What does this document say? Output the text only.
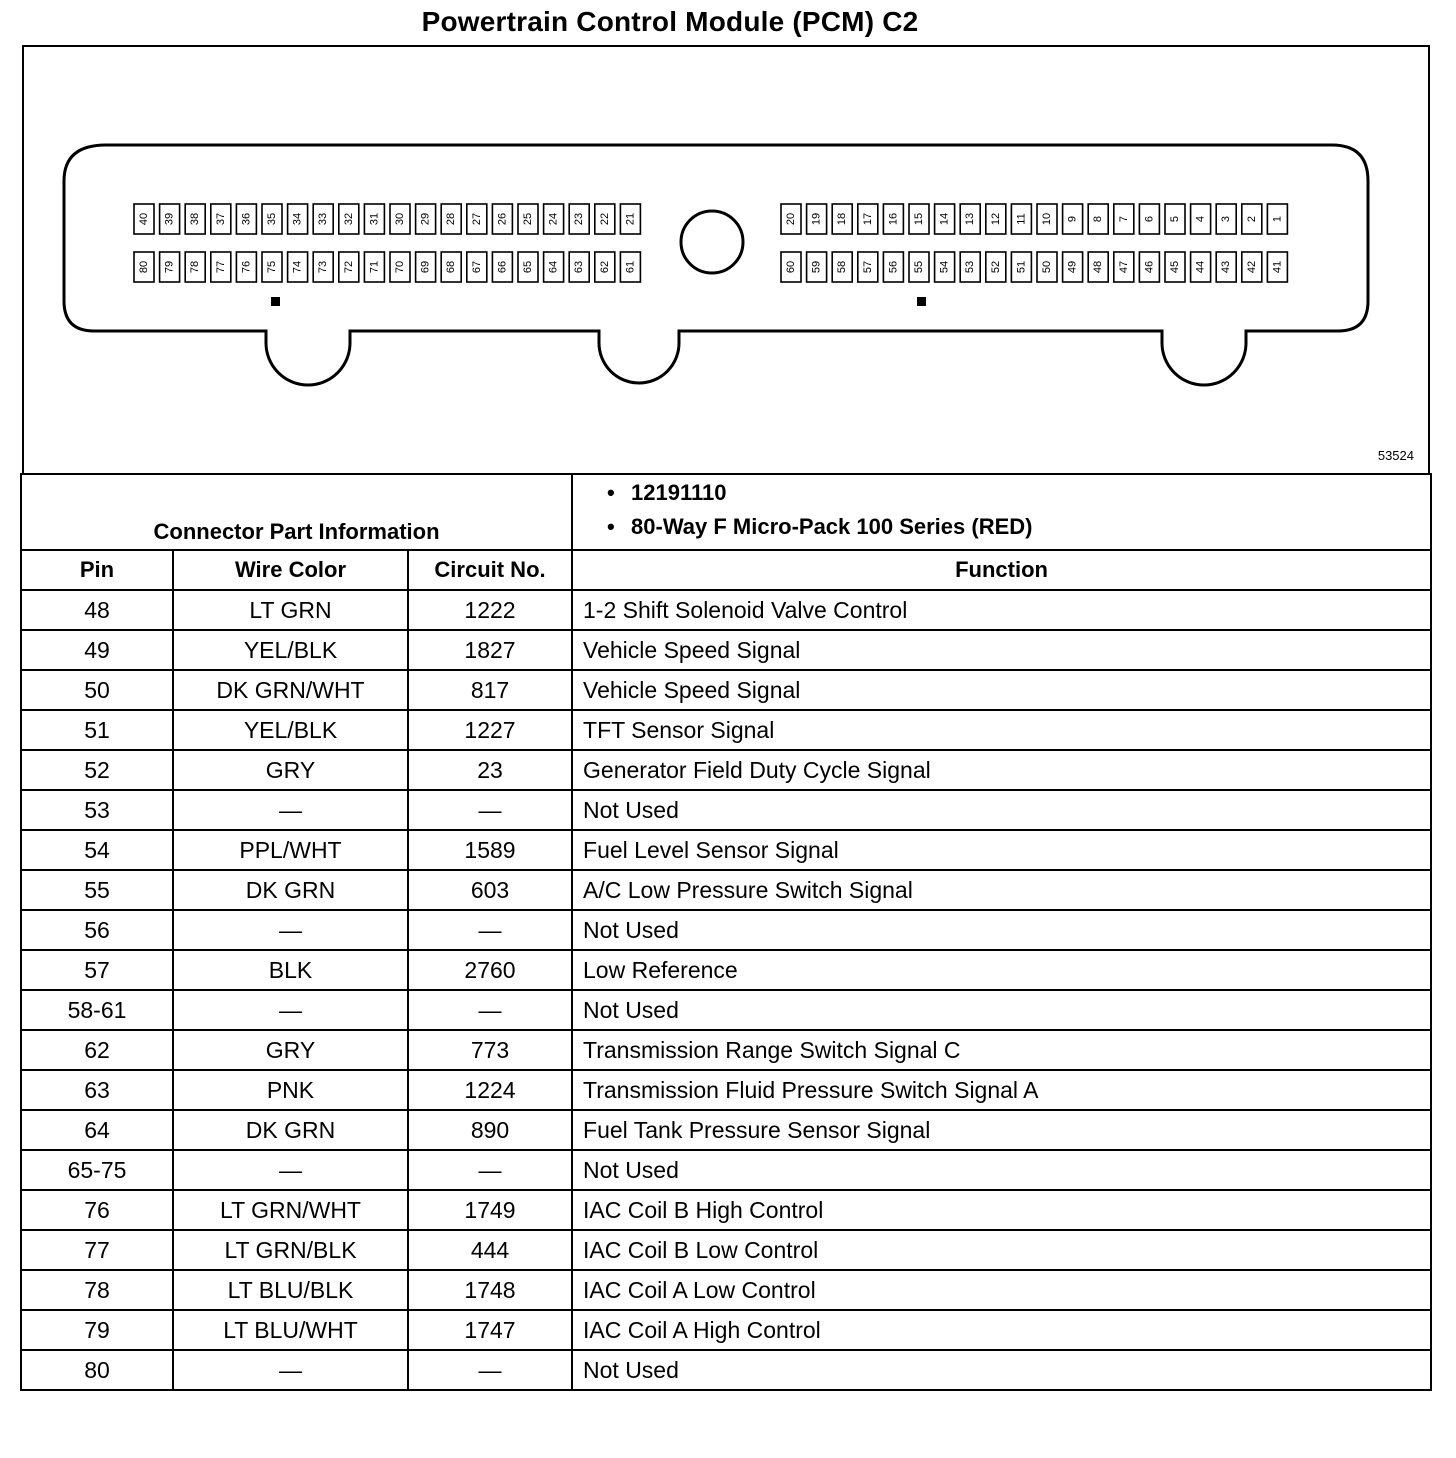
Powertrain Control Module (PCM) C2
40 39 38 37 36 35 34 33 32 31 30 29 28 27 26 25 24 23 22 21
80 79 78 77 76 75 74 73 72 71 70 69 68 67 66 65 64 63 62 61
20 19 18 17 16 15 14 13 12 11 10 9 8 7 6 5 4 3 2 1
60 59 58 57 56 55 54 53 52 51 50 49 48 47 46 45 44 43 42 41
53524
Connector Part Information			• 12191110
• 80-Way F Micro-Pack 100 Series (RED)

Pin	Wire Color	Circuit No.	Function
48	LT GRN	1222	1-2 Shift Solenoid Valve Control
49	YEL/BLK	1827	Vehicle Speed Signal
50	DK GRN/WHT	817	Vehicle Speed Signal
51	YEL/BLK	1227	TFT Sensor Signal
52	GRY	23	Generator Field Duty Cycle Signal
53	—	—	Not Used
54	PPL/WHT	1589	Fuel Level Sensor Signal
55	DK GRN	603	A/C Low Pressure Switch Signal
56	—	—	Not Used
57	BLK	2760	Low Reference
58-61	—	—	Not Used
62	GRY	773	Transmission Range Switch Signal C
63	PNK	1224	Transmission Fluid Pressure Switch Signal A
64	DK GRN	890	Fuel Tank Pressure Sensor Signal
65-75	—	—	Not Used
76	LT GRN/WHT	1749	IAC Coil B High Control
77	LT GRN/BLK	444	IAC Coil B Low Control
78	LT BLU/BLK	1748	IAC Coil A Low Control
79	LT BLU/WHT	1747	IAC Coil A High Control
80	—	—	Not Used
